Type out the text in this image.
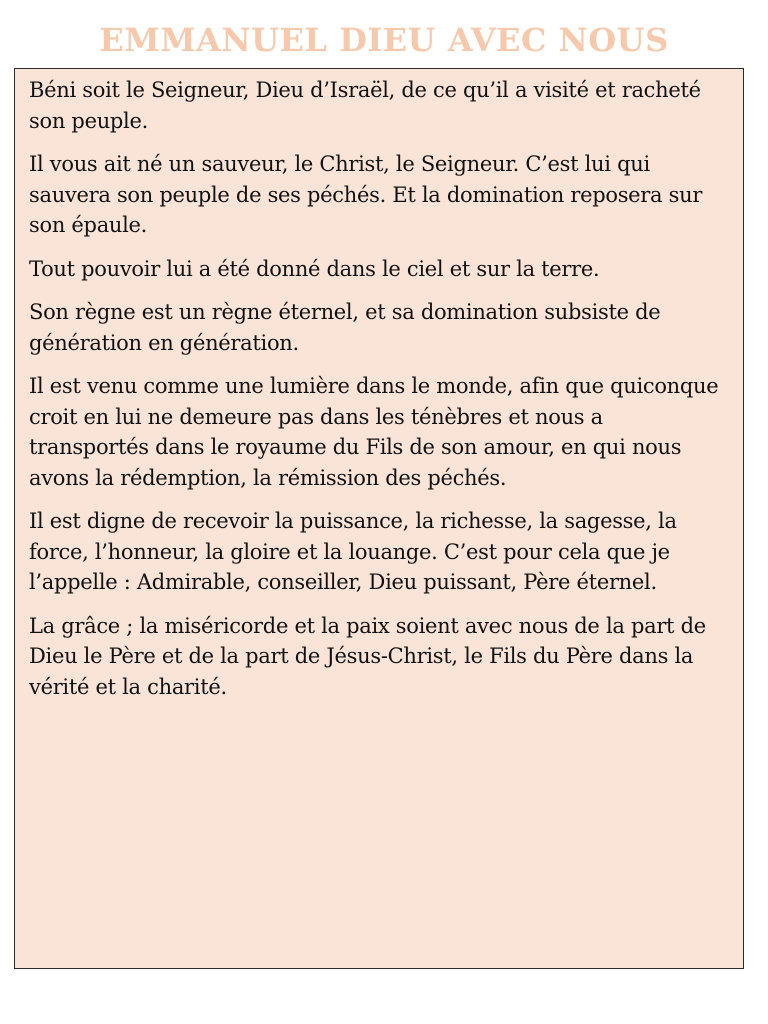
EMMANUEL DIEU AVEC NOUS

Béni soit le Seigneur, Dieu d’Israël, de ce qu’il a visité et racheté son peuple.

Il vous ait né un sauveur, le Christ, le Seigneur. C’est lui qui sauvera son peuple de ses péchés. Et la domination reposera sur son épaule.

Tout pouvoir lui a été donné dans le ciel et sur la terre.

Son règne est un règne éternel, et sa domination subsiste de génération en génération.

Il est venu comme une lumière dans le monde, afin que quiconque croit en lui ne demeure pas dans les ténèbres et nous a transportés dans le royaume du Fils de son amour, en qui nous avons la rédemption, la rémission des péchés.

Il est digne de recevoir la puissance, la richesse, la sagesse, la force, l’honneur, la gloire et la louange. C’est pour cela que je l’appelle : Admirable, conseiller, Dieu puissant, Père éternel.

La grâce ; la miséricorde et la paix soient avec nous de la part de Dieu le Père et de la part de Jésus-Christ, le Fils du Père dans la vérité et la charité.
